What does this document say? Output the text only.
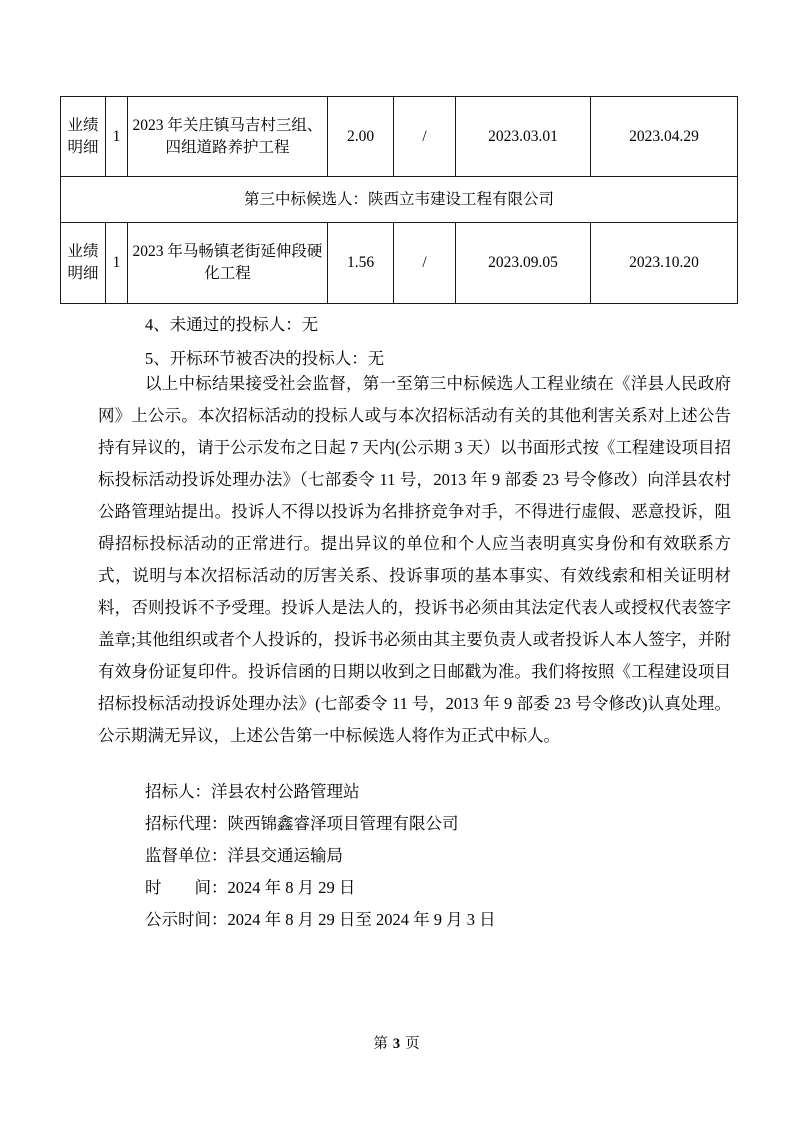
业绩明细	1	2023 年关庄镇马吉村三组、四组道路养护工程	2.00	/	2023.03.01	2023.04.29
第三中标候选人：陕西立韦建设工程有限公司						
业绩明细	1	2023 年马畅镇老街延伸段硬化工程	1.56	/	2023.09.05	2023.10.20
4、未通过的投标人：无
5、开标环节被否决的投标人：无

以上中标结果接受社会监督，第一至第三中标候选人工程业绩在《洋县人民政府网》上公示。本次招标活动的投标人或与本次招标活动有关的其他利害关系对上述公告持有异议的，请于公示发布之日起 7 天内(公示期 3 天）以书面形式按《工程建设项目招标投标活动投诉处理办法》（七部委令 11 号，2013 年 9 部委 23 号令修改）向洋县农村公路管理站提出。投诉人不得以投诉为名排挤竞争对手，不得进行虚假、恶意投诉，阻碍招标投标活动的正常进行。提出异议的单位和个人应当表明真实身份和有效联系方式，说明与本次招标活动的厉害关系、投诉事项的基本事实、有效线索和相关证明材料，否则投诉不予受理。投诉人是法人的，投诉书必须由其法定代表人或授权代表签字盖章;其他组织或者个人投诉的，投诉书必须由其主要负责人或者投诉人本人签字，并附有效身份证复印件。投诉信函的日期以收到之日邮戳为准。我们将按照《工程建设项目招标投标活动投诉处理办法》(七部委令 11 号，2013 年 9 部委 23 号令修改)认真处理。公示期满无异议，上述公告第一中标候选人将作为正式中标人。

招标人：洋县农村公路管理站
招标代理：陕西锦鑫睿泽项目管理有限公司
监督单位：洋县交通运输局
时　　间：2024 年 8 月 29 日
公示时间：2024 年 8 月 29 日至 2024 年 9 月 3 日
第 3 页
